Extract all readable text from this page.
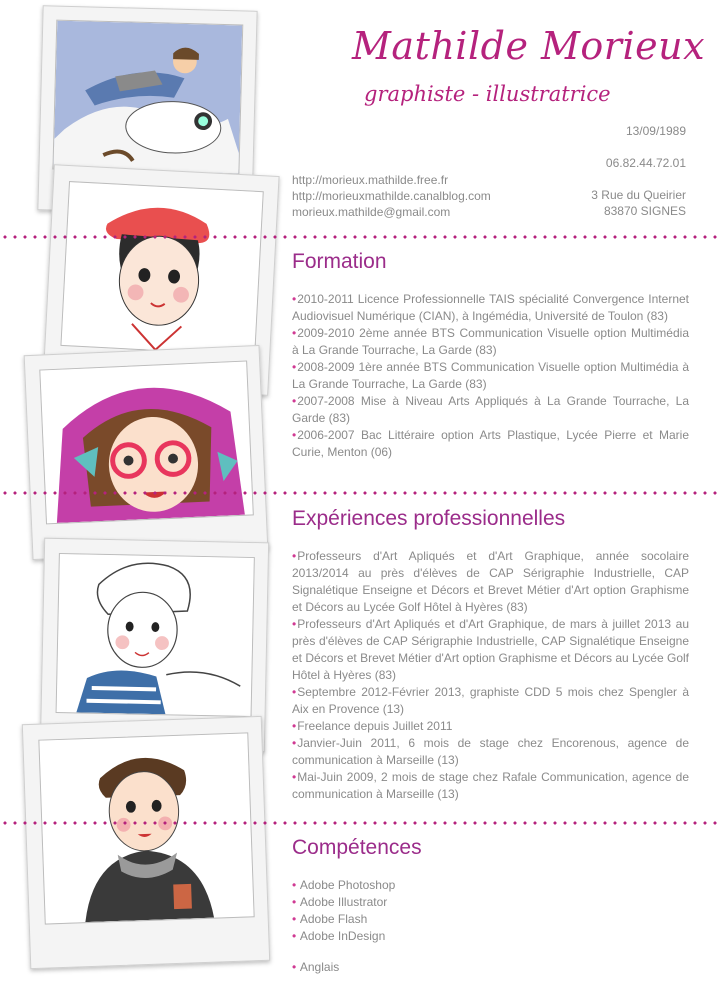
Mathilde Morieux
graphiste - illustratrice
13/09/1989
06.82.44.72.01
3 Rue du Queirier
83870 SIGNES
http://morieux.mathilde.free.fr
http://morieuxmathilde.canalblog.com
morieux.mathilde@gmail.com
Formation
•2010-2011 Licence Professionnelle TAIS spécialité Convergence Internet Audiovisuel Numérique (CIAN), à Ingémédia, Université de Toulon (83)
•2009-2010 2ème année BTS Communication Visuelle option Multimédia à La Grande Tourrache, La Garde (83)
•2008-2009 1ère année BTS Communication Visuelle option Multimédia à La Grande Tourrache, La Garde (83)
•2007-2008 Mise à Niveau Arts Appliqués à La Grande Tourrache, La Garde (83)
•2006-2007 Bac Littéraire option Arts Plastique, Lycée Pierre et Marie Curie, Menton (06)
Expériences professionnelles
•Professeurs d'Art Apliqués et d'Art Graphique, année socolaire 2013/2014 au près d'élèves de CAP Sérigraphie Industrielle, CAP Signalétique Enseigne et Décors et Brevet Métier d'Art option Graphisme et Décors au Lycée Golf Hôtel à Hyères (83)
•Professeurs d'Art Apliqués et d'Art Graphique, de mars à juillet 2013 au près d'élèves de CAP Sérigraphie Industrielle, CAP Signalétique Enseigne et Décors et Brevet Métier d'Art option Graphisme et Décors au Lycée Golf Hôtel à Hyères (83)
•Septembre 2012-Février 2013, graphiste CDD 5 mois chez Spengler à Aix en Provence (13)
•Freelance depuis Juillet 2011
•Janvier-Juin 2011, 6 mois de stage chez Encorenous, agence de communication à Marseille (13)
•Mai-Juin 2009, 2 mois de stage chez Rafale Communication, agence de communication à Marseille (13)
Compétences
• Adobe Photoshop
• Adobe Illustrator
• Adobe Flash
• Adobe InDesign
• Anglais
